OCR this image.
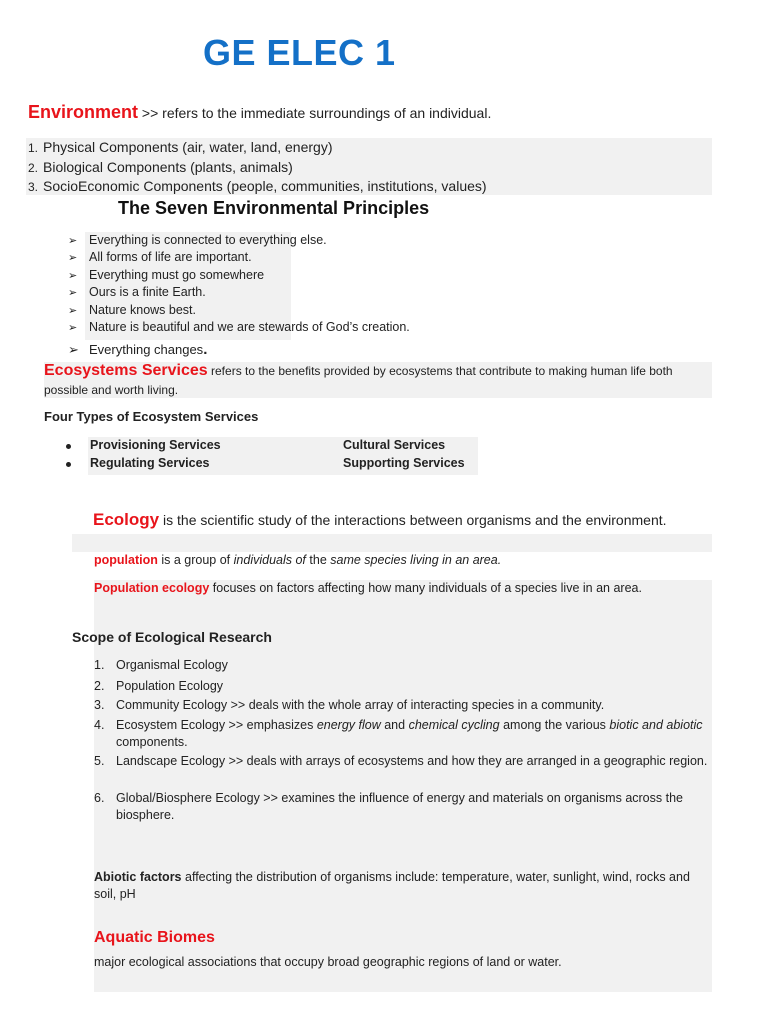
GE ELEC 1
Environment >> refers to the immediate surroundings of an individual.
1. Physical Components (air, water, land, energy)
2. Biological Components (plants, animals)
3. SocioEconomic Components (people, communities, institutions, values)
The Seven Environmental Principles
➢ Everything is connected to everything else.
➢ All forms of life are important.
➢ Everything must go somewhere
➢ Ours is a finite Earth.
➢ Nature knows best.
➢ Nature is beautiful and we are stewards of God’s creation.
➢ Everything changes.
Ecosystems Services refers to the benefits provided by ecosystems that contribute to making human life both possible and worth living.
Four Types of Ecosystem Services
Provisioning Services
Regulating Services
Cultural Services
Supporting Services
Ecology is the scientific study of the interactions between organisms and the environment.
population is a group of individuals of the same species living in an area.
Population ecology focuses on factors affecting how many individuals of a species live in an area.
Scope of Ecological Research
1. Organismal Ecology
2. Population Ecology
3. Community Ecology >> deals with the whole array of interacting species in a community.
4. Ecosystem Ecology >> emphasizes energy flow and chemical cycling among the various biotic and abiotic components.
5. Landscape Ecology >> deals with arrays of ecosystems and how they are arranged in a geographic region.
6. Global/Biosphere Ecology >> examines the influence of energy and materials on organisms across the biosphere.
Abiotic factors affecting the distribution of organisms include: temperature, water, sunlight, wind, rocks and soil, pH
Aquatic Biomes
major ecological associations that occupy broad geographic regions of land or water.
